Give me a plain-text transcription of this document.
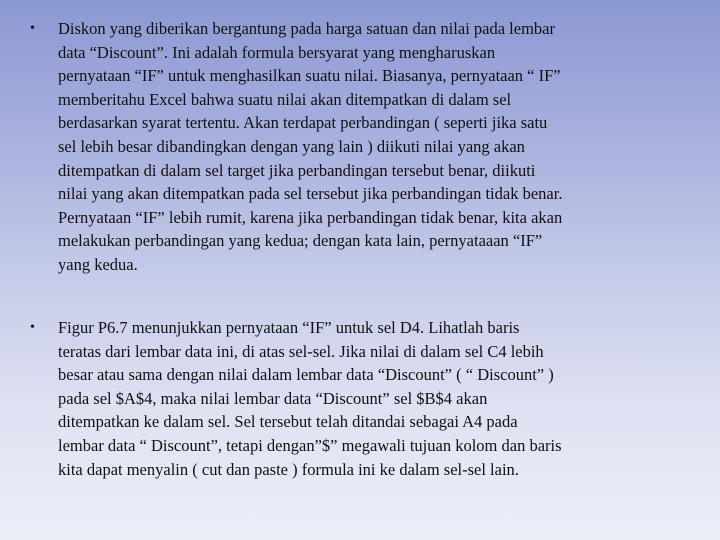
• Diskon yang diberikan bergantung pada harga satuan dan nilai pada lembar
data “Discount”. Ini adalah formula bersyarat yang mengharuskan
pernyataan “IF” untuk menghasilkan suatu nilai. Biasanya, pernyataan “ IF”
memberitahu Excel bahwa suatu nilai akan ditempatkan di dalam sel
berdasarkan syarat tertentu. Akan terdapat perbandingan ( seperti jika satu
sel lebih besar dibandingkan dengan yang lain ) diikuti nilai yang akan
ditempatkan di dalam sel target jika perbandingan tersebut benar, diikuti
nilai yang akan ditempatkan pada sel tersebut jika perbandingan tidak benar.
Pernyataan “IF” lebih rumit, karena jika perbandingan tidak benar, kita akan
melakukan perbandingan yang kedua; dengan kata lain, pernyataaan “IF”
yang kedua.
• Figur P6.7 menunjukkan pernyataan “IF” untuk sel D4. Lihatlah baris
teratas dari lembar data ini, di atas sel-sel. Jika nilai di dalam sel C4 lebih
besar atau sama dengan nilai dalam lembar data “Discount” ( “ Discount” )
pada sel $A$4, maka nilai lembar data “Discount” sel $B$4 akan
ditempatkan ke dalam sel. Sel tersebut telah ditandai sebagai A4 pada
lembar data “ Discount”, tetapi dengan”$” megawali tujuan kolom dan baris
kita dapat menyalin ( cut dan paste ) formula ini ke dalam sel-sel lain.
